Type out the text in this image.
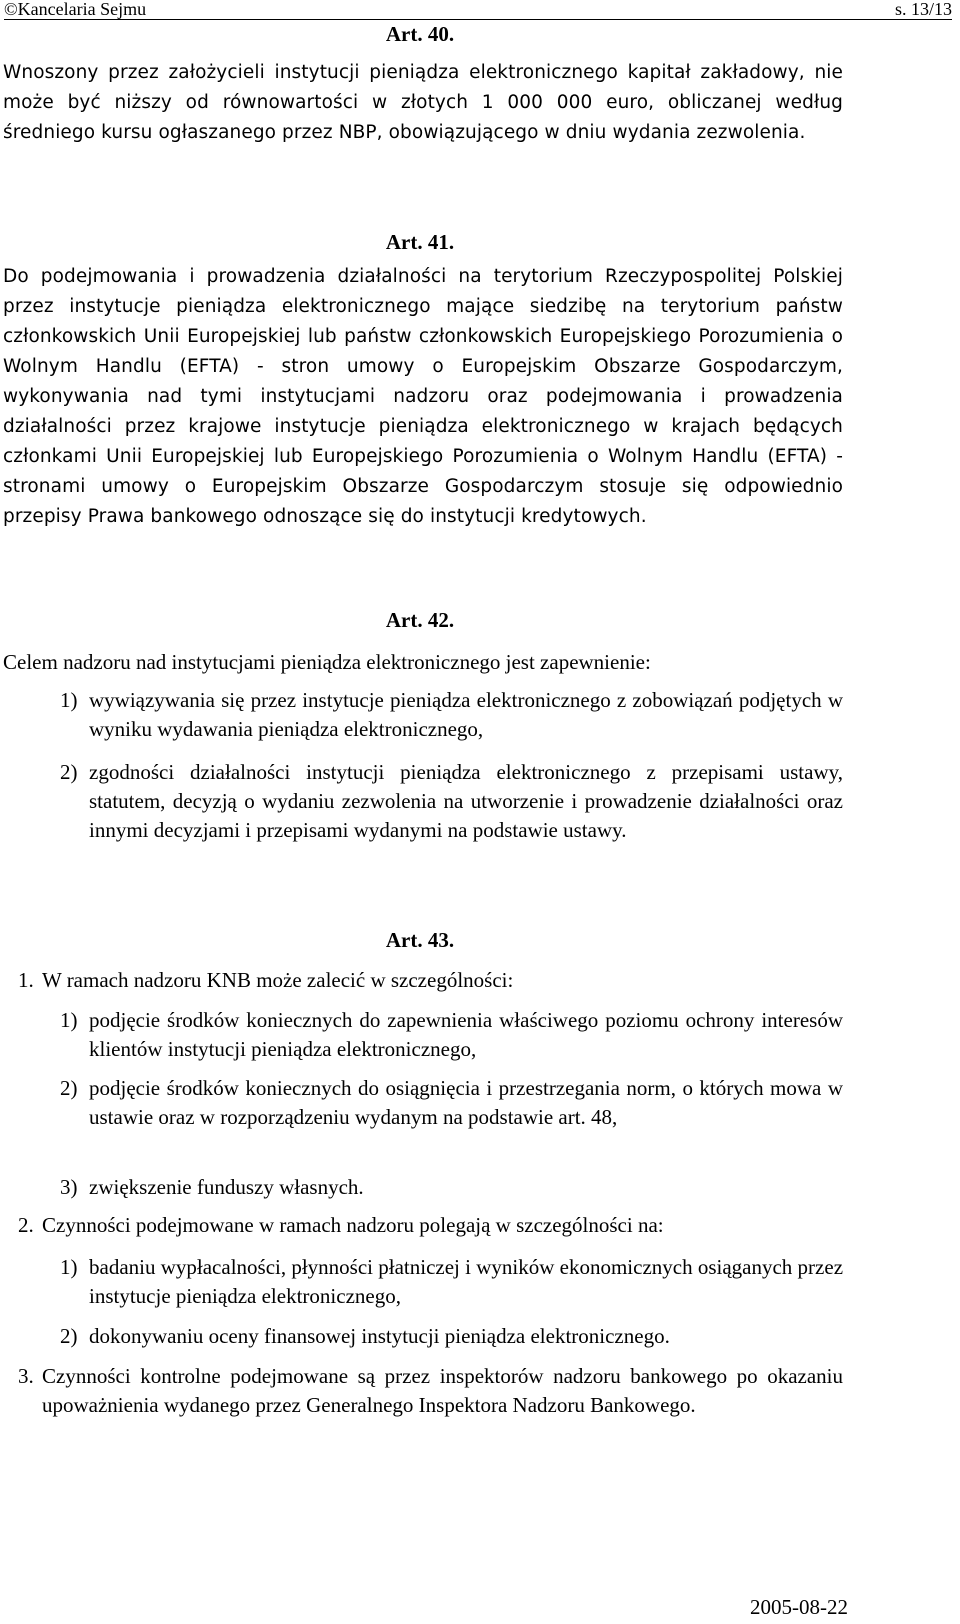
©Kancelaria Sejmu	s. 13/13
Art. 40.
Wnoszony przez założycieli instytucji pieniądza elektronicznego kapitał zakładowy, nie może być niższy od równowartości w złotych 1 000 000 euro, obliczanej według średniego kursu ogłaszanego przez NBP, obowiązującego w dniu wydania zezwolenia.
Art. 41.
Do podejmowania i prowadzenia działalności na terytorium Rzeczypospolitej Polskiej przez instytucje pieniądza elektronicznego mające siedzibę na terytorium państw członkowskich Unii Europejskiej lub państw członkowskich Europejskiego Porozumienia o Wolnym Handlu (EFTA) - stron umowy o Europejskim Obszarze Gospodarczym, wykonywania nad tymi instytucjami nadzoru oraz podejmowania i prowadzenia działalności przez krajowe instytucje pieniądza elektronicznego w krajach będących członkami Unii Europejskiej lub Europejskiego Porozumienia o Wolnym Handlu (EFTA) - stronami umowy o Europejskim Obszarze Gospodarczym stosuje się odpowiednio przepisy Prawa bankowego odnoszące się do instytucji kredytowych.
Art. 42.
Celem nadzoru nad instytucjami pieniądza elektronicznego jest zapewnienie:
1) wywiązywania się przez instytucje pieniądza elektronicznego z zobowiązań podjętych w wyniku wydawania pieniądza elektronicznego,
2) zgodności działalności instytucji pieniądza elektronicznego z przepisami ustawy, statutem, decyzją o wydaniu zezwolenia na utworzenie i prowadzenie działalności oraz innymi decyzjami i przepisami wydanymi na podstawie ustawy.
Art. 43.
1. W ramach nadzoru KNB może zalecić w szczególności:
1) podjęcie środków koniecznych do zapewnienia właściwego poziomu ochrony interesów klientów instytucji pieniądza elektronicznego,
2) podjęcie środków koniecznych do osiągnięcia i przestrzegania norm, o których mowa w ustawie oraz w rozporządzeniu wydanym na podstawie art. 48,
3) zwiększenie funduszy własnych.
2. Czynności podejmowane w ramach nadzoru polegają w szczególności na:
1) badaniu wypłacalności, płynności płatniczej i wyników ekonomicznych osiąganych przez instytucje pieniądza elektronicznego,
2) dokonywaniu oceny finansowej instytucji pieniądza elektronicznego.
3. Czynności kontrolne podejmowane są przez inspektorów nadzoru bankowego po okazaniu upoważnienia wydanego przez Generalnego Inspektora Nadzoru Bankowego.
2005-08-22
